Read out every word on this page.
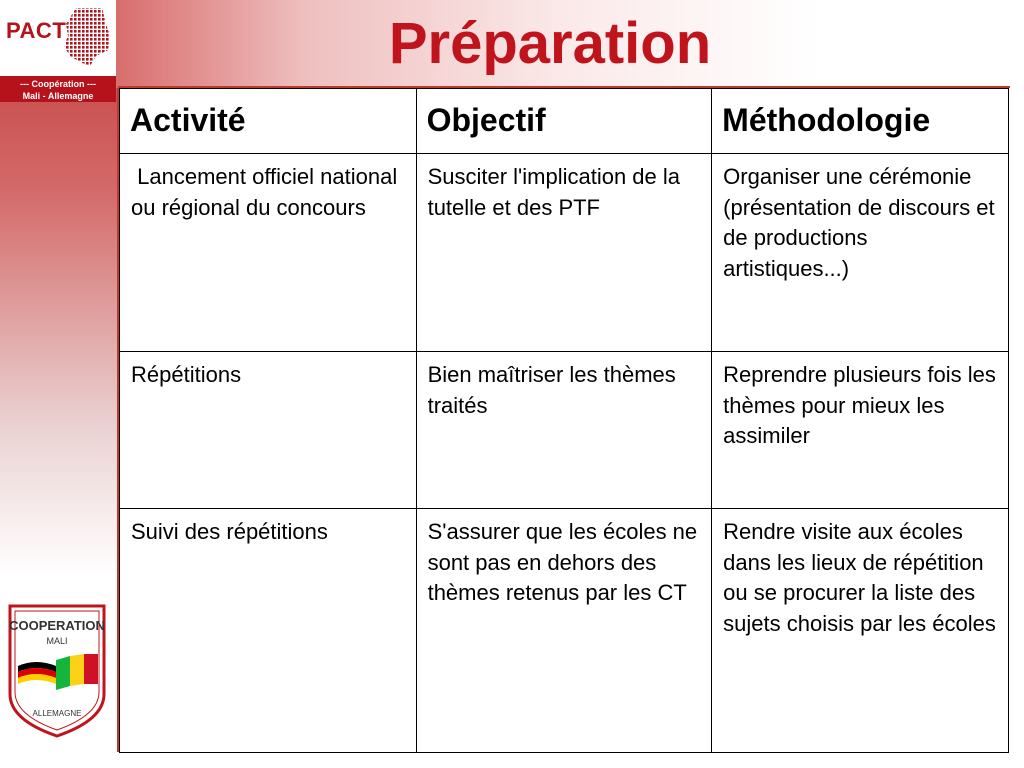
PACT
--- Coopération ---
Mali - Allemagne
Préparation
Activité	Objectif	Méthodologie
Lancement officiel national ou régional du concours	Susciter l'implication de la tutelle et des PTF	Organiser une cérémonie (présentation de discours et de productions artistiques...)
Répétitions	Bien maîtriser les thèmes traités	Reprendre plusieurs fois les thèmes pour mieux les assimiler
Suivi des répétitions	S'assurer que les écoles ne sont pas en dehors des thèmes retenus par les CT	Rendre visite aux écoles dans les lieux de répétition ou se procurer la liste des sujets choisis par les écoles
COOPERATION
MALI
ALLEMAGNE
